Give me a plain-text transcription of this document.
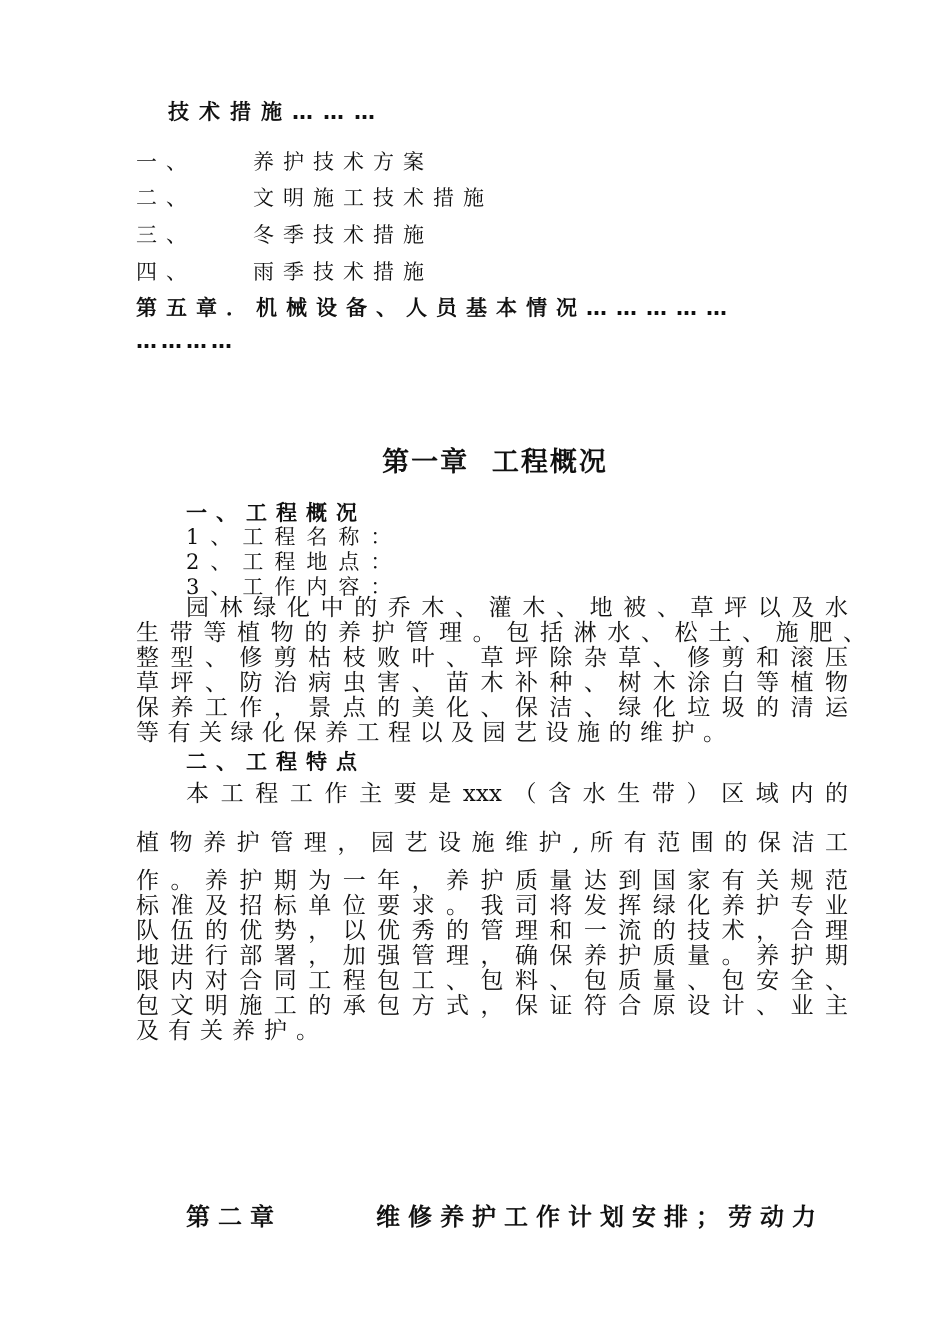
技术措施………
一、	养护技术方案
二、	文明施工技术措施
三、	冬季技术措施
四、	雨季技术措施
第五章．机械设备、人员基本情况……………
…………
第一章  工程概况
一、工程概况
1、工程名称：
2、工程地点：
3、工作内容：
园林绿化中的乔木、灌木、地被、草坪以及水
生带等植物的养护管理。包括淋水、松土、施肥、
整型、修剪枯枝败叶、草坪除杂草、修剪和滚压
草坪、防治病虫害、苗木补种、树木涂白等植物
保养工作，景点的美化、保洁、绿化垃圾的清运
等有关绿化保养工程以及园艺设施的维护。
二、工程特点
本工程工作主要是xxx（含水生带）区域内的
植物养护管理，园艺设施维护,所有范围的保洁工
作。养护期为一年，养护质量达到国家有关规范
标准及招标单位要求。我司将发挥绿化养护专业
队伍的优势，以优秀的管理和一流的技术，合理
地进行部署，加强管理，确保养护质量。养护期
限内对合同工程包工、包料、包质量、包安全、
包文明施工的承包方式，保证符合原设计、业主
及有关养护。
第二章	维修养护工作计划安排；劳动力
